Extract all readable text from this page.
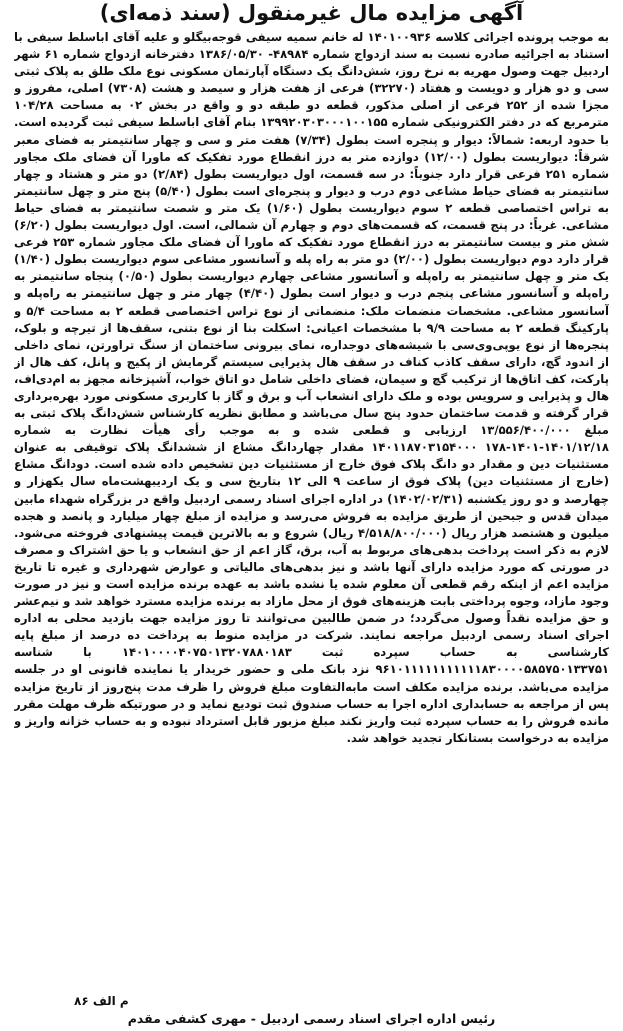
آگهی مزایده مال غیرمنقول (سند ذمه‌ای)
به موجب پرونده اجرائی کلاسه ۱۴۰۱۰۰۹۳۶ له خانم سمیه سیفی قوجه‌بیگلو و علیه آقای اباسلط سیفی با استناد به اجرائیه صادره نسبت به سند ازدواج شماره ۴۸۹۸۴- ۱۳۸۶/۰۵/۳۰ دفترخانه ازدواج شماره ۶۱ شهر اردبیل جهت وصول مهریه به نرخ روز، شش‌دانگ یک دستگاه آپارتمان مسکونی نوع ملک طلق به پلاک ثبتی سی و دو هزار و دویست و هفتاد (۳۲۲۷۰) فرعی از هفت هزار و سیصد و هشت (۷۳۰۸) اصلی، مفروز و مجزا شده از ۲۵۲ فرعی از اصلی مذکور، قطعه دو طبقه دو و واقع در بخش ۰۲ به مساحت ۱۰۴/۲۸ مترمربع که در دفتر الکترونیکی شماره ۱۳۹۹۲۰۳۰۳۰۰۰۱۰۰۱۵۵ بنام آقای اباسلط سیفی ثبت گردیده است. با حدود اربعه: شمالاً: دیوار و پنجره است بطول (۷/۳۴) هفت متر و سی و چهار سانتیمتر به فضای معبر شرقاً: دیواریست بطول (۱۲/۰۰) دوازده متر به درز انقطاع مورد تفکیک که ماورا آن فضای ملک مجاور شماره ۲۵۱ فرعی قرار دارد جنوباً: در سه قسمت، اول دیواریست بطول (۲/۸۴) دو متر و هشتاد و چهار سانتیمتر به فضای حیاط مشاعی دوم درب و دیوار و پنجره‌ای است بطول (۵/۴۰) پنج متر و چهل سانتیمتر به تراس اختصاصی قطعه ۲ سوم دیواریست بطول (۱/۶۰) یک متر و شصت سانتیمتر به فضای حیاط مشاعی. غرباً: در پنج قسمت، که قسمت‌های دوم و چهارم آن شمالی، است. اول دیواریست بطول (۶/۲۰) شش متر و بیست سانتیمتر به درز انقطاع مورد تفکیک که ماورا آن فضای ملک مجاور شماره ۲۵۳ فرعی قرار دارد دوم دیواریست بطول (۲/۰۰) دو متر به راه پله و آسانسور مشاعی سوم دیواریست بطول (۱/۴۰) یک متر و چهل سانتیمتر به راه‌پله و آسانسور مشاعی چهارم دیواریست بطول (۰/۵۰) پنجاه سانتیمتر به راه‌پله و آسانسور مشاعی پنجم درب و دیوار است بطول (۴/۴۰) چهار متر و چهل سانتیمتر به راه‌پله و آسانسور مشاعی. مشخصات منضمات ملک: منضماتی از نوع تراس اختصاصی قطعه ۲ به مساحت ۵/۴ و پارکینگ قطعه ۲ به مساحت ۹/۹ با مشخصات اعیانی: اسکلت بنا از نوع بتنی، سقف‌ها از تیرچه و بلوک، پنجره‌ها از نوع یو‌پی‌وی‌سی با شیشه‌های دوجداره، نمای بیرونی ساختمان از سنگ تراورتن، نمای داخلی از اندود گچ، دارای سقف کاذب کناف در سقف هال پذیرایی سیستم گرمایش از پکیج و پانل، کف هال از پارکت، کف اتاق‌ها از ترکیب گچ و سیمان، فضای داخلی شامل دو اتاق خواب، آشپزخانه مجهز به ام‌دی‌اف، هال و پذیرایی و سرویس بوده و ملک دارای انشعاب آب و برق و گاز با کاربری مسکونی مورد بهره‌برداری قرار گرفته و قدمت ساختمان حدود پنج سال می‌باشد و مطابق نظریه کارشناس شش‌دانگ پلاک ثبتی به مبلغ ۱۳/۵۵۶/۴۰۰/۰۰۰ ارزیابی و قطعی شده و به موجب رأی هیأت نظارت به شماره ۱۴۰۱/۱۲/۱۸-۱۴۰۱-۱۷۸ ۱۴۰۱۱۸۷۰۳۱۵۴۰۰۰ مقدار چهاردانگ مشاع از ششدانگ پلاک توقیفی به عنوان مستثنیات دین و مقدار دو دانگ پلاک فوق خارج از مستثنیات دین تشخیص داده شده است. دودانگ مشاع (خارج از مستثنیات دین) پلاک فوق از ساعت ۹ الی ۱۲ بتاریخ سی و یک اردیبهشت‌ماه سال یکهزار و چهارصد و دو روز یکشنبه (۱۴۰۲/۰۲/۳۱) در اداره اجرای اسناد رسمی اردبیل واقع در بزرگراه شهداء مابین میدان قدس و جبحین از طریق مزایده به فروش می‌رسد و مزایده از مبلغ چهار میلیارد و پانصد و هجده میلیون و هشتصد هزار ریال (۴/۵۱۸/۸۰۰/۰۰۰ ریال) شروع و به بالاترین قیمت پیشنهادی فروخته می‌شود. لازم به ذکر است پرداخت بدهی‌های مربوط به آب، برق، گاز اعم از حق انشعاب و یا حق اشتراک و مصرف در صورتی که مورد مزایده دارای آنها باشد و نیز بدهی‌های مالیاتی و عوارض شهرداری و غیره تا تاریخ مزایده اعم از اینکه رقم قطعی آن معلوم شده یا نشده باشد به عهده برنده مزایده است و نیز در صورت وجود مازاد، وجوه پرداختی بابت هزینه‌های فوق از محل مازاد به برنده مزایده مسترد خواهد شد و نیم‌عشر و حق مزایده نقداً وصول می‌گردد؛ در ضمن طالبین می‌توانند تا روز مزایده جهت بازدید محلی به اداره اجرای اسناد رسمی اردبیل مراجعه نمایند. شرکت در مزایده منوط به پرداخت ده درصد از مبلغ پایه کارشناسی به حساب سپرده ثبت ۱۴۰۱۰۰۰۰۴۰۷۵۰۱۳۲۰۷۸۸۰۱۸۳ با شناسه ۹۶۱۰۱۱۱۱۱۱۱۱۱۱۱۸۳۰۰۰۰۵۸۵۷۵۰۱۳۳۷۵۱ نزد بانک ملی و حضور خریدار یا نماینده قانونی او در جلسه مزایده می‌باشد. برنده مزایده مکلف است مابه‌التفاوت مبلغ فروش را ظرف مدت پنج‌روز از تاریخ مزایده پس از مراجعه به حسابداری اداره اجرا به حساب صندوق ثبت تودیع نماید و در صورتیکه ظرف مهلت مقرر مانده فروش را به حساب سپرده ثبت واریز نکند مبلغ مزبور قابل استرداد نبوده و به حساب خزانه واریز و مزایده به درخواست بستانکار تجدید خواهد شد.
م الف ۸۶
رئیس اداره اجرای اسناد رسمی اردبیل - مهری کشفی مقدم
